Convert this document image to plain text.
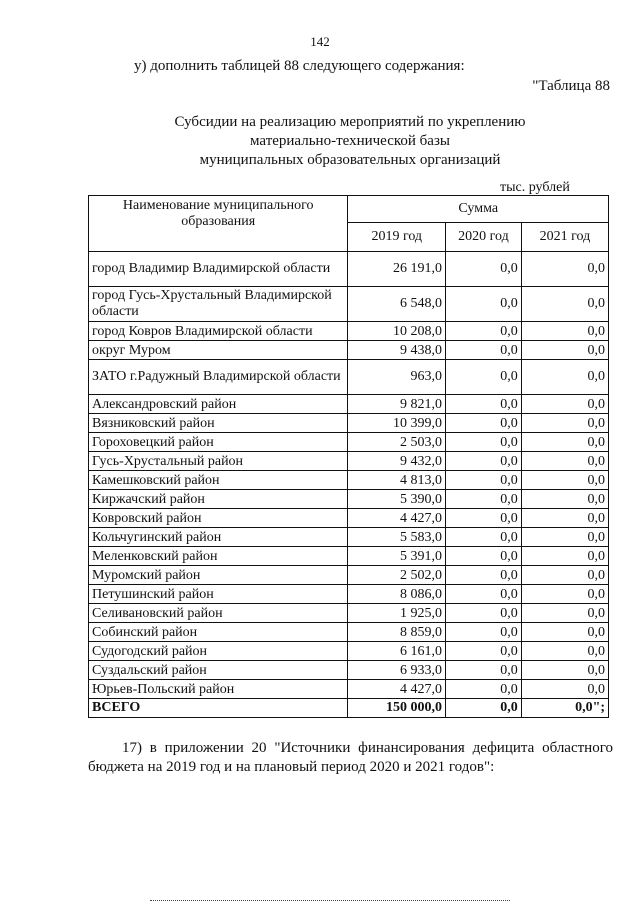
142
у) дополнить таблицей 88 следующего содержания:
"Таблица 88
Субсидии на реализацию мероприятий по укреплению
материально-технической базы
муниципальных образовательных организаций
тыс. рублей
Наименование муниципального образования	Сумма		
	2019 год	2020 год	2021 год
город Владимир Владимирской области	26 191,0	0,0	0,0
город Гусь-Хрустальный Владимирской области	6 548,0	0,0	0,0
город Ковров Владимирской области	10 208,0	0,0	0,0
округ Муром	9 438,0	0,0	0,0
ЗАТО г.Радужный Владимирской области	963,0	0,0	0,0
Александровский район	9 821,0	0,0	0,0
Вязниковский район	10 399,0	0,0	0,0
Гороховецкий район	2 503,0	0,0	0,0
Гусь-Хрустальный район	9 432,0	0,0	0,0
Камешковский район	4 813,0	0,0	0,0
Киржачский район	5 390,0	0,0	0,0
Ковровский район	4 427,0	0,0	0,0
Кольчугинский район	5 583,0	0,0	0,0
Меленковский район	5 391,0	0,0	0,0
Муромский район	2 502,0	0,0	0,0
Петушинский район	8 086,0	0,0	0,0
Селивановский район	1 925,0	0,0	0,0
Собинский район	8 859,0	0,0	0,0
Судогодский район	6 161,0	0,0	0,0
Суздальский район	6 933,0	0,0	0,0
Юрьев-Польский район	4 427,0	0,0	0,0
ВСЕГО	150 000,0	0,0	0,0";
17) в приложении 20 "Источники финансирования дефицита областного бюджета на 2019 год и на плановый период 2020 и 2021 годов":
